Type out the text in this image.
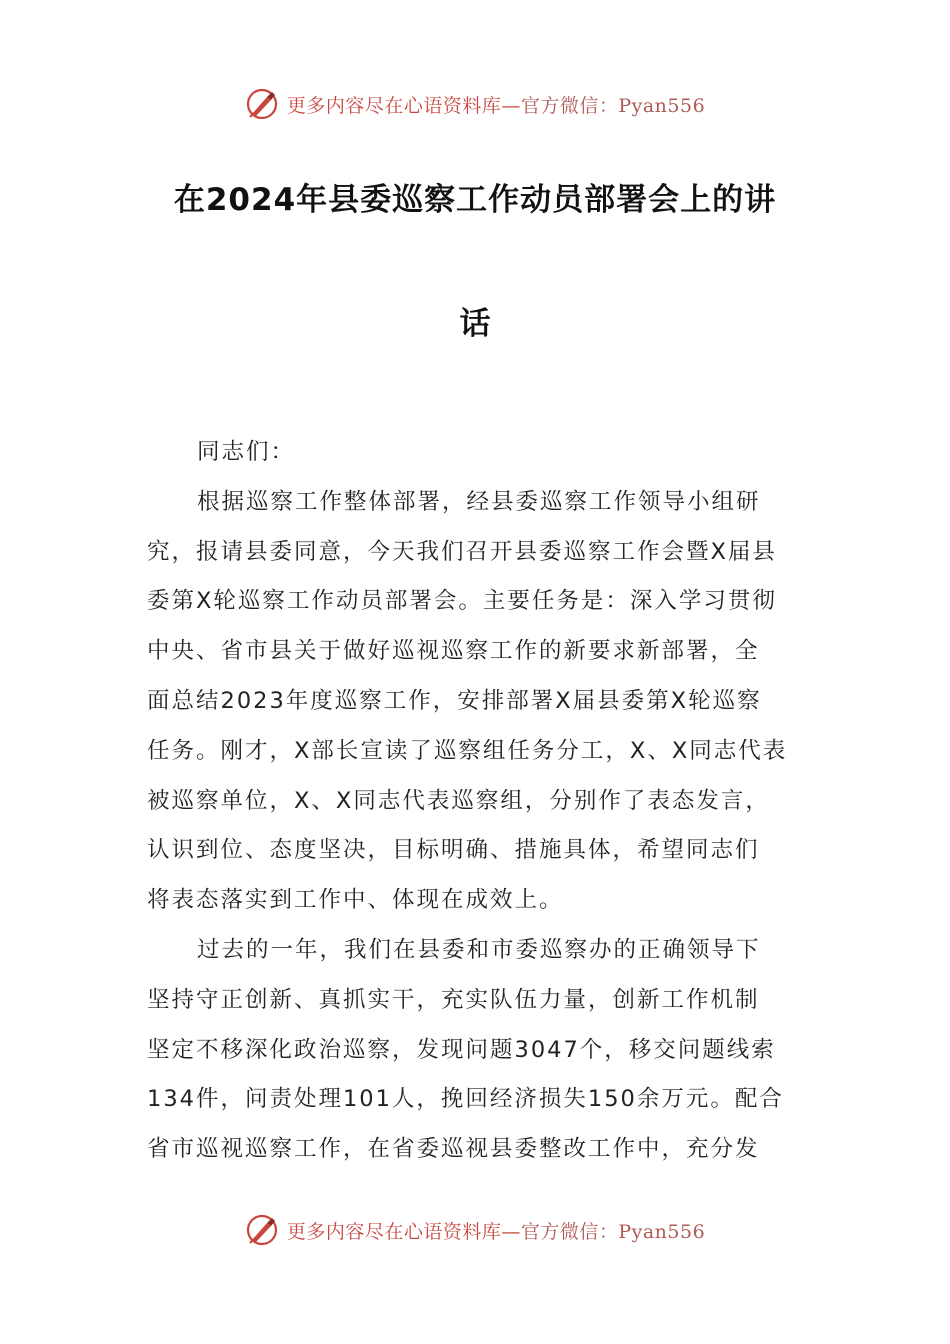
更多内容尽在心语资料库—官方微信：Pyan556
在2024年县委巡察工作动员部署会上的讲
话
同志们：
根据巡察工作整体部署，经县委巡察工作领导小组研
究，报请县委同意，今天我们召开县委巡察工作会暨X届县
委第X轮巡察工作动员部署会。主要任务是：深入学习贯彻
中央、省市县关于做好巡视巡察工作的新要求新部署，全
面总结2023年度巡察工作，安排部署X届县委第X轮巡察
任务。刚才，X部长宣读了巡察组任务分工，X、X同志代表
被巡察单位，X、X同志代表巡察组，分别作了表态发言，
认识到位、态度坚决，目标明确、措施具体，希望同志们
将表态落实到工作中、体现在成效上。
过去的一年，我们在县委和市委巡察办的正确领导下
坚持守正创新、真抓实干，充实队伍力量，创新工作机制
坚定不移深化政治巡察，发现问题3047个，移交问题线索
134件，问责处理101人，挽回经济损失150余万元。配合
省市巡视巡察工作，在省委巡视县委整改工作中，充分发
更多内容尽在心语资料库—官方微信：Pyan556
